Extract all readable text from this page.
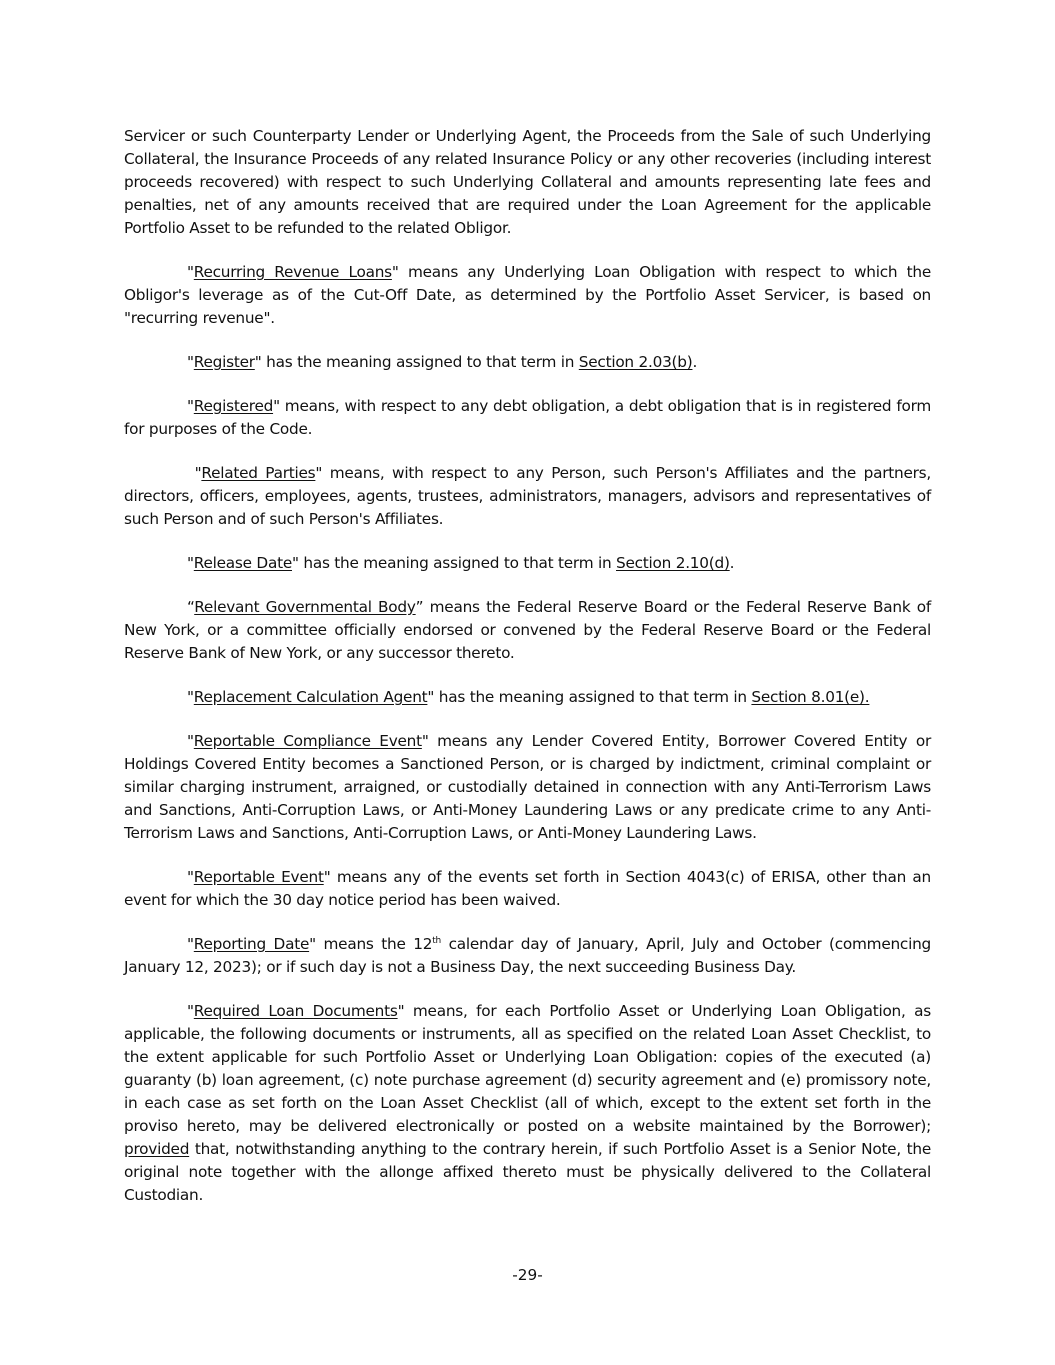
Servicer or such Counterparty Lender or Underlying Agent, the Proceeds from the Sale of such Underlying Collateral, the Insurance Proceeds of any related Insurance Policy or any other recoveries (including interest proceeds recovered) with respect to such Underlying Collateral and amounts representing late fees and penalties, net of any amounts received that are required under the Loan Agreement for the applicable Portfolio Asset to be refunded to the related Obligor.

"Recurring Revenue Loans" means any Underlying Loan Obligation with respect to which the Obligor's leverage as of the Cut-Off Date, as determined by the Portfolio Asset Servicer, is based on "recurring revenue".

"Register" has the meaning assigned to that term in Section 2.03(b).

"Registered" means, with respect to any debt obligation, a debt obligation that is in registered form for purposes of the Code.

"Related Parties" means, with respect to any Person, such Person's Affiliates and the partners, directors, officers, employees, agents, trustees, administrators, managers, advisors and representatives of such Person and of such Person's Affiliates.

"Release Date" has the meaning assigned to that term in Section 2.10(d).

“Relevant Governmental Body” means the Federal Reserve Board or the Federal Reserve Bank of New York, or a committee officially endorsed or convened by the Federal Reserve Board or the Federal Reserve Bank of New York, or any successor thereto.

"Replacement Calculation Agent" has the meaning assigned to that term in Section 8.01(e).

"Reportable Compliance Event" means any Lender Covered Entity, Borrower Covered Entity or Holdings Covered Entity becomes a Sanctioned Person, or is charged by indictment, criminal complaint or similar charging instrument, arraigned, or custodially detained in connection with any Anti-Terrorism Laws and Sanctions, Anti-Corruption Laws, or Anti-Money Laundering Laws or any predicate crime to any Anti-Terrorism Laws and Sanctions, Anti-Corruption Laws, or Anti-Money Laundering Laws.

"Reportable Event" means any of the events set forth in Section 4043(c) of ERISA, other than an event for which the 30 day notice period has been waived.

"Reporting Date" means the 12th calendar day of January, April, July and October (commencing January 12, 2023); or if such day is not a Business Day, the next succeeding Business Day.

"Required Loan Documents" means, for each Portfolio Asset or Underlying Loan Obligation, as applicable, the following documents or instruments, all as specified on the related Loan Asset Checklist, to the extent applicable for such Portfolio Asset or Underlying Loan Obligation: copies of the executed (a) guaranty (b) loan agreement, (c) note purchase agreement (d) security agreement and (e) promissory note, in each case as set forth on the Loan Asset Checklist (all of which, except to the extent set forth in the proviso hereto, may be delivered electronically or posted on a website maintained by the Borrower); provided that, notwithstanding anything to the contrary herein, if such Portfolio Asset is a Senior Note, the original note together with the allonge affixed thereto must be physically delivered to the Collateral Custodian.

-29-
